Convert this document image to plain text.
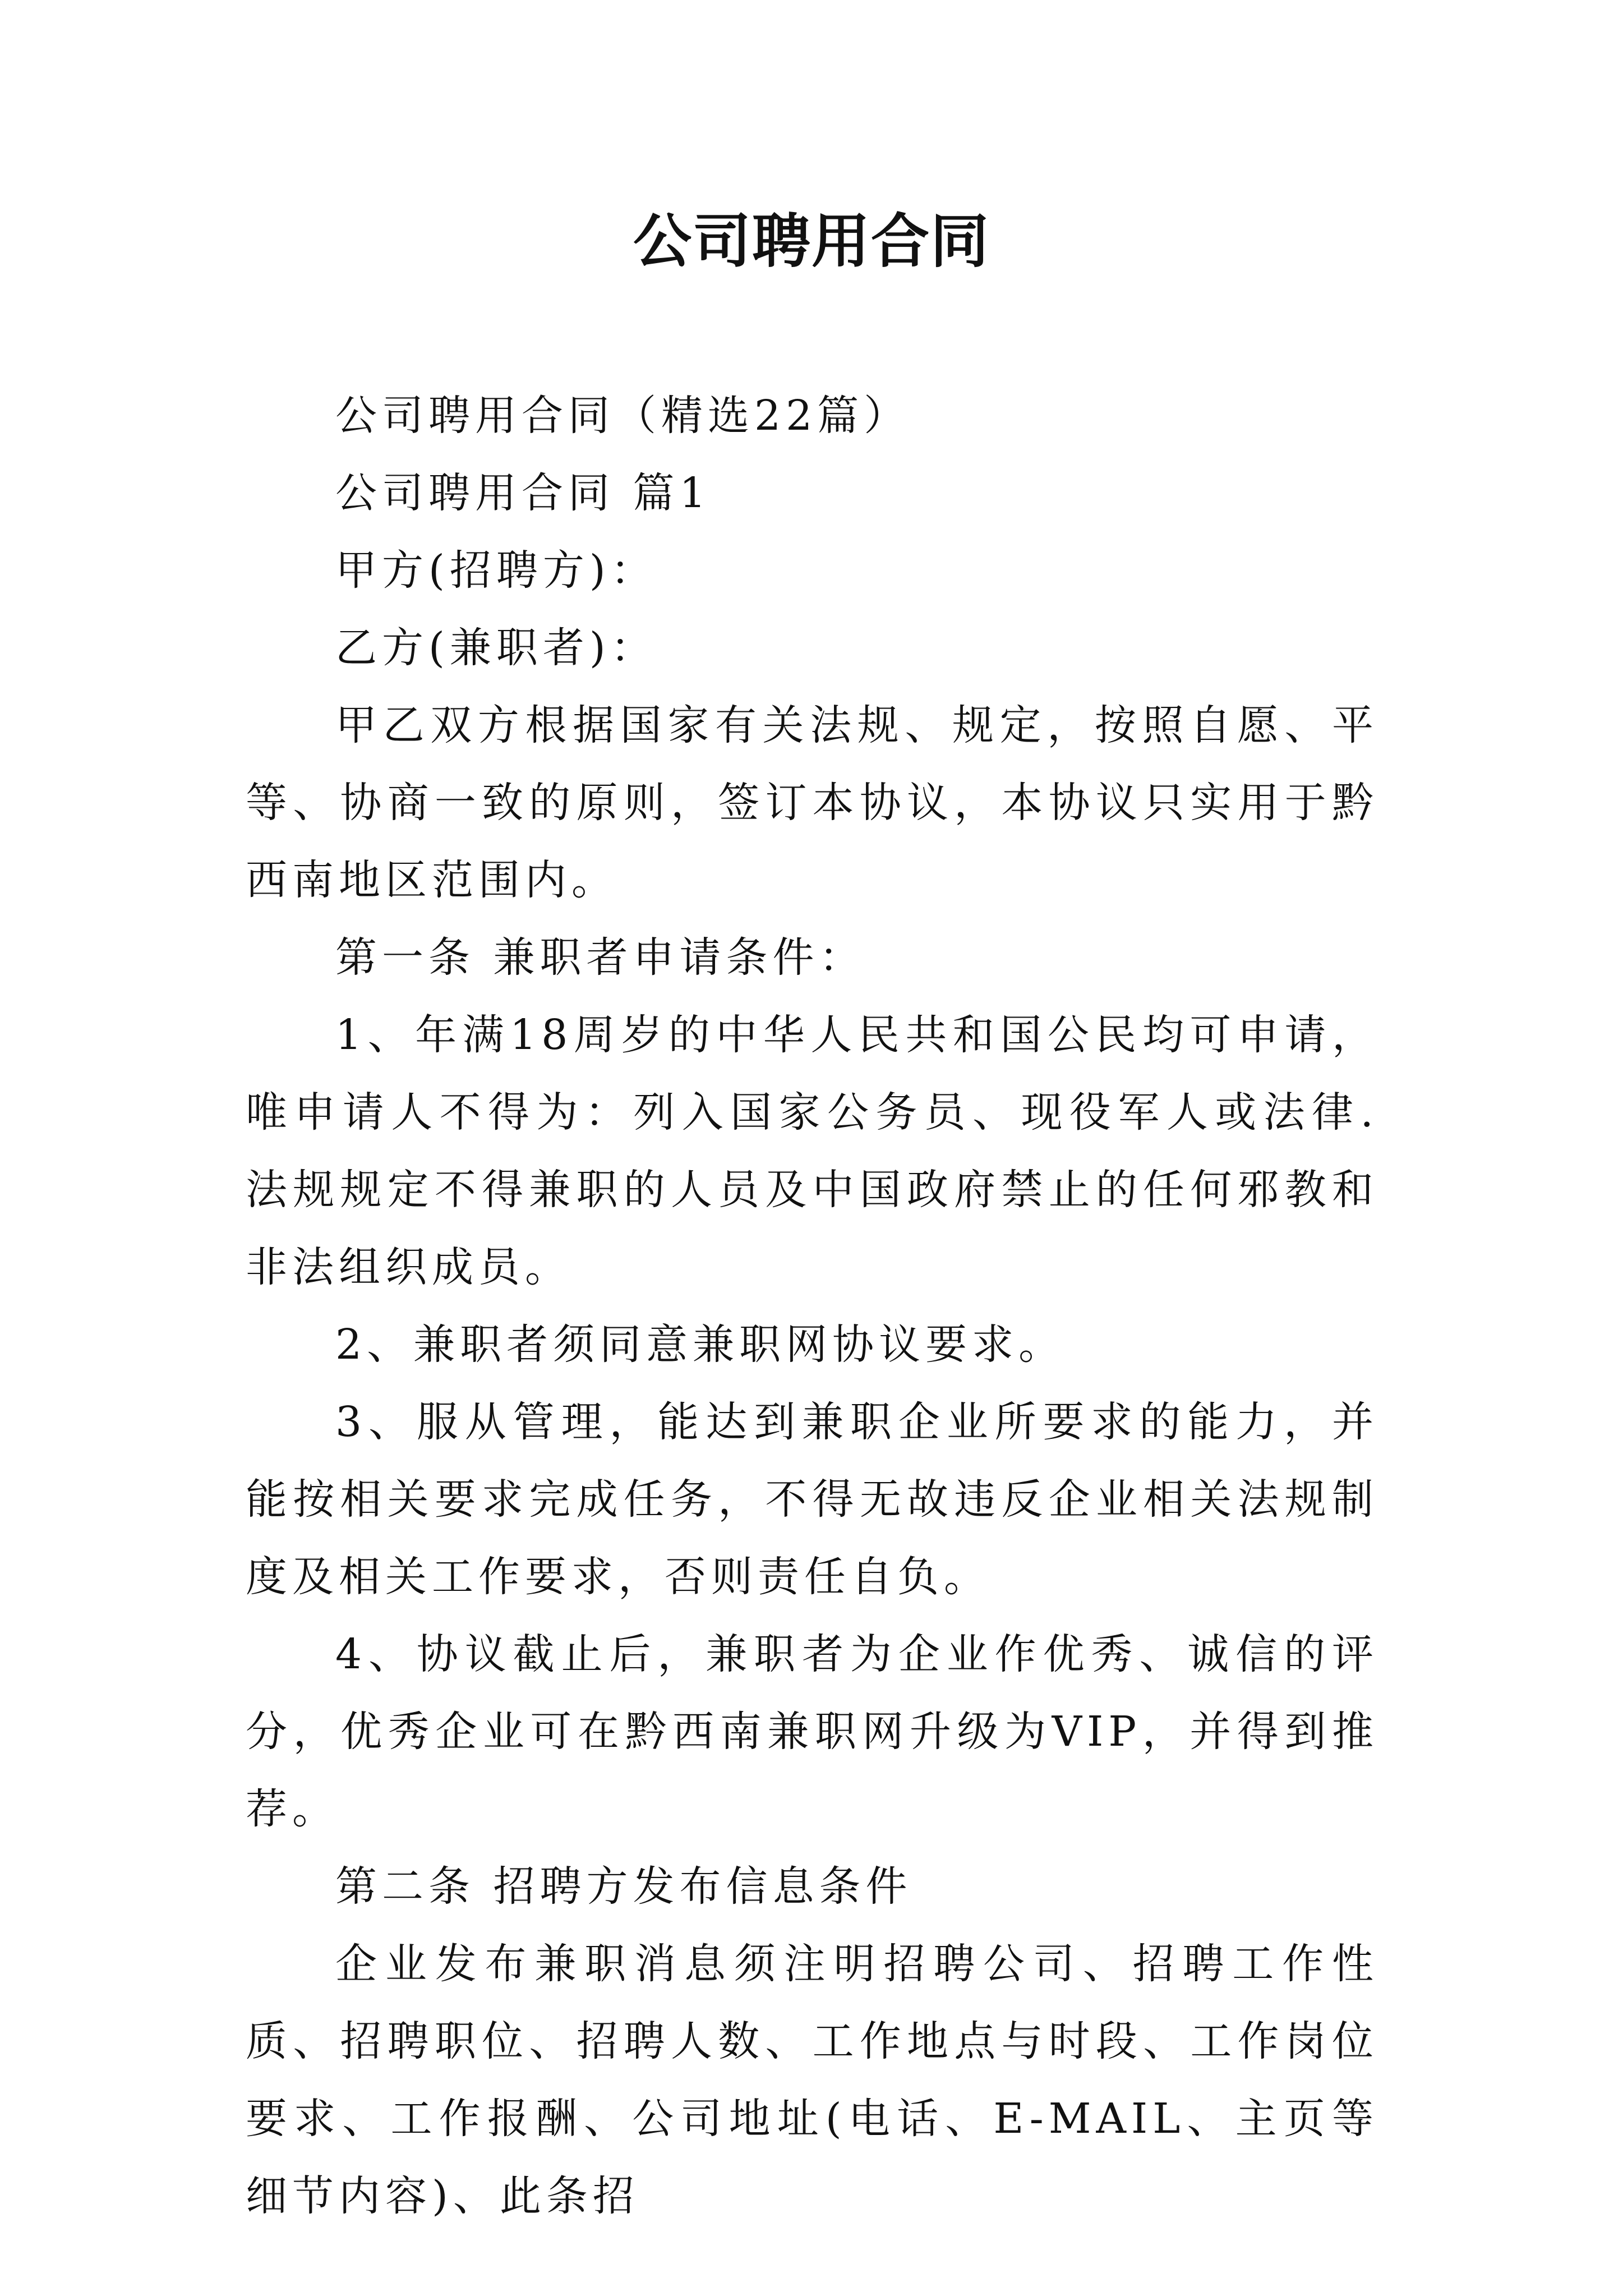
公司聘用合同

公司聘用合同（精选22篇）

公司聘用合同 篇1

甲方(招聘方)：

乙方(兼职者)：

甲乙双方根据国家有关法规、规定，按照自愿、平等、协商一致的原则，签订本协议，本协议只实用于黔西南地区范围内。

第一条 兼职者申请条件：

1、年满18周岁的中华人民共和国公民均可申请，唯申请人不得为：列入国家公务员、现役军人或法律.法规规定不得兼职的人员及中国政府禁止的任何邪教和非法组织成员。

2、兼职者须同意兼职网协议要求。

3、服从管理，能达到兼职企业所要求的能力，并能按相关要求完成任务，不得无故违反企业相关法规制度及相关工作要求，否则责任自负。

4、协议截止后，兼职者为企业作优秀、诚信的评分，优秀企业可在黔西南兼职网升级为VIP，并得到推荐。

第二条 招聘方发布信息条件

企业发布兼职消息须注明招聘公司、招聘工作性质、招聘职位、招聘人数、工作地点与时段、工作岗位要求、工作报酬、公司地址(电话、E-MAIL、主页等细节内容)、此条招
